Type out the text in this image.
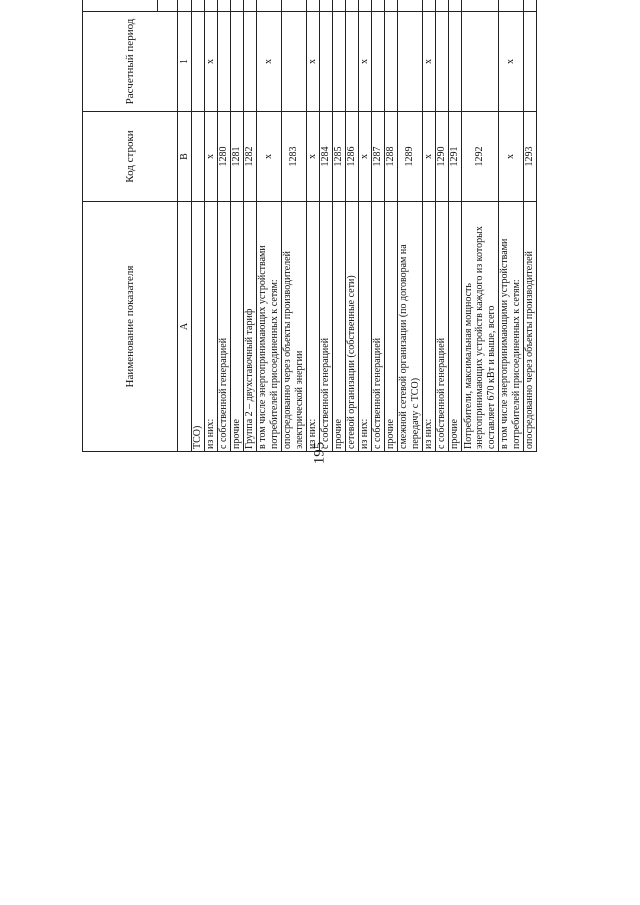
195
Наименование показателя	Код строки	Расчетный период	

А	В	1						
ТСО)								
из них:	x	x						
с собственной генерацией	1280							
прочие	1281							
Группа 2 – двухставочный тариф	1282							
в том числе энергопринимающих устройствами потребителей присоединенных к сетям:	x	x						
опосредованно через объекты производителей электрической энергии	1283							
из них:	x	x						
с собственной генерацией	1284							
прочие	1285							
сетевой организации (собственные сети)	1286							
из них:	x	x						
с собственной генерацией	1287							
прочие	1288							
смежной сетевой организации (по договорам на передачу с ТСО)	1289							
из них:	x	x						
с собственной генерацией	1290							
прочие	1291							
Потребители, максимальная мощность энергопринимающих устройств каждого из которых составляет 670 кВт и выше, всего	1292							
в том числе энергопринимающими устройствами потребителей присоединенных к сетям:	x	x						
опосредованно через объекты производителей	1293							
